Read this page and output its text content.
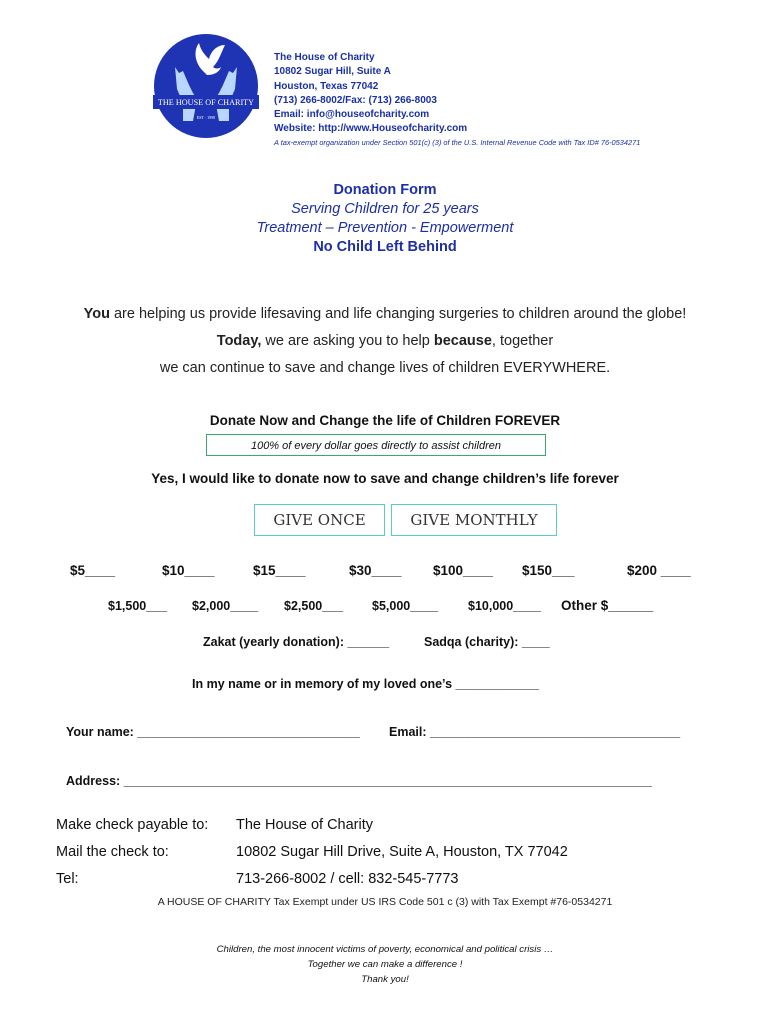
THE HOUSE OF CHARITY
EST · 1998
The House of Charity
10802 Sugar Hill, Suite A
Houston, Texas 77042
(713) 266-8002/Fax: (713) 266-8003
Email: info@houseofcharity.com
Website: http://www.Houseofcharity.com
A tax-exempt organization under Section 501(c) (3) of the U.S. Internal Revenue Code with Tax ID# 76-0534271
Donation Form
Serving Children for 25 years
Treatment – Prevention - Empowerment
No Child Left Behind
You are helping us provide lifesaving and life changing surgeries to children around the globe!
Today, we are asking you to help because, together
we can continue to save and change lives of children EVERYWHERE.
Donate Now and Change the life of Children FOREVER
100% of every dollar goes directly to assist children
Yes, I would like to donate now to save and change children’s life forever
GIVE ONCE	GIVE MONTHLY
$5____	$10____	$15____	$30____ $100____ $150___	$200 ____
$1,500___ $2,000____ $2,500___ $5,000____ $10,000____ Other $______
Zakat (yearly donation): ______	Sadqa (charity): ____
In my name or in memory of my loved one’s ____________
Your name: ________________________________ Email: ____________________________________
Address: ____________________________________________________________________________
Make check payable to: The House of Charity
Mail the check to:	10802 Sugar Hill Drive, Suite A, Houston, TX 77042
Tel:	713-266-8002 / cell: 832-545-7773
A HOUSE OF CHARITY Tax Exempt under US IRS Code 501 c (3) with Tax Exempt #76-0534271
Children, the most innocent victims of poverty, economical and political crisis …
Together we can make a difference !
Thank you!
